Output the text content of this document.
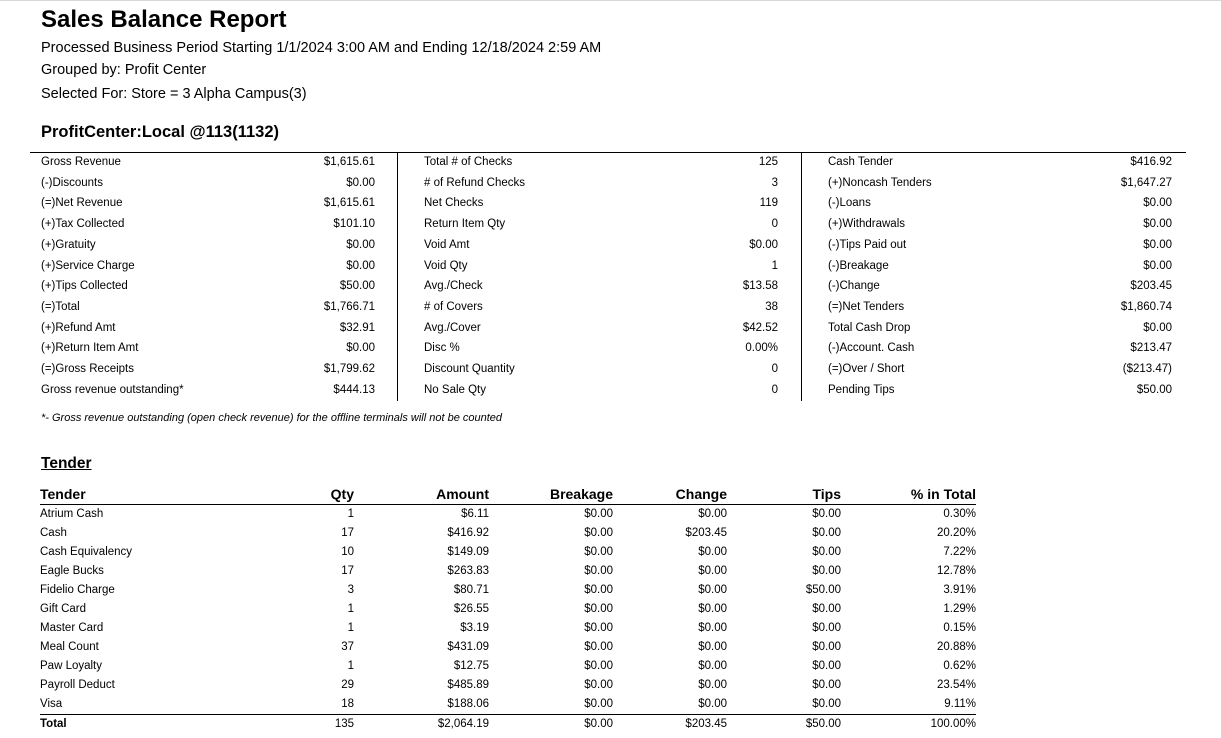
Sales Balance Report
Processed Business Period Starting 1/1/2024 3:00 AM and Ending 12/18/2024 2:59 AM
Grouped by: Profit Center
Selected For: Store = 3 Alpha Campus(3)
ProfitCenter:Local @113(1132)
Gross Revenue	$1,615.61
(-)Discounts	$0.00
(=)Net Revenue	$1,615.61
(+)Tax Collected	$101.10
(+)Gratuity	$0.00
(+)Service Charge	$0.00
(+)Tips Collected	$50.00
(=)Total	$1,766.71
(+)Refund Amt	$32.91
(+)Return Item Amt	$0.00
(=)Gross Receipts	$1,799.62
Gross revenue outstanding*	$444.13
Total # of Checks	125
# of Refund Checks	3
Net Checks	119
Return Item Qty	0
Void Amt	$0.00
Void Qty	1
Avg./Check	$13.58
# of Covers	38
Avg./Cover	$42.52
Disc %	0.00%
Discount Quantity	0
No Sale Qty	0
Cash Tender	$416.92
(+)Noncash Tenders	$1,647.27
(-)Loans	$0.00
(+)Withdrawals	$0.00
(-)Tips Paid out	$0.00
(-)Breakage	$0.00
(-)Change	$203.45
(=)Net Tenders	$1,860.74
Total Cash Drop	$0.00
(-)Account. Cash	$213.47
(=)Over / Short	($213.47)
Pending Tips	$50.00
*- Gross revenue outstanding (open check revenue) for the offline terminals will not be counted
Tender
Tender	Qty	Amount	Breakage	Change	Tips	% in Total
Atrium Cash	1	$6.11	$0.00	$0.00	$0.00	0.30%
Cash	17	$416.92	$0.00	$203.45	$0.00	20.20%
Cash Equivalency	10	$149.09	$0.00	$0.00	$0.00	7.22%
Eagle Bucks	17	$263.83	$0.00	$0.00	$0.00	12.78%
Fidelio Charge	3	$80.71	$0.00	$0.00	$50.00	3.91%
Gift Card	1	$26.55	$0.00	$0.00	$0.00	1.29%
Master Card	1	$3.19	$0.00	$0.00	$0.00	0.15%
Meal Count	37	$431.09	$0.00	$0.00	$0.00	20.88%
Paw Loyalty	1	$12.75	$0.00	$0.00	$0.00	0.62%
Payroll Deduct	29	$485.89	$0.00	$0.00	$0.00	23.54%
Visa	18	$188.06	$0.00	$0.00	$0.00	9.11%
Total	135	$2,064.19	$0.00	$203.45	$50.00	100.00%
